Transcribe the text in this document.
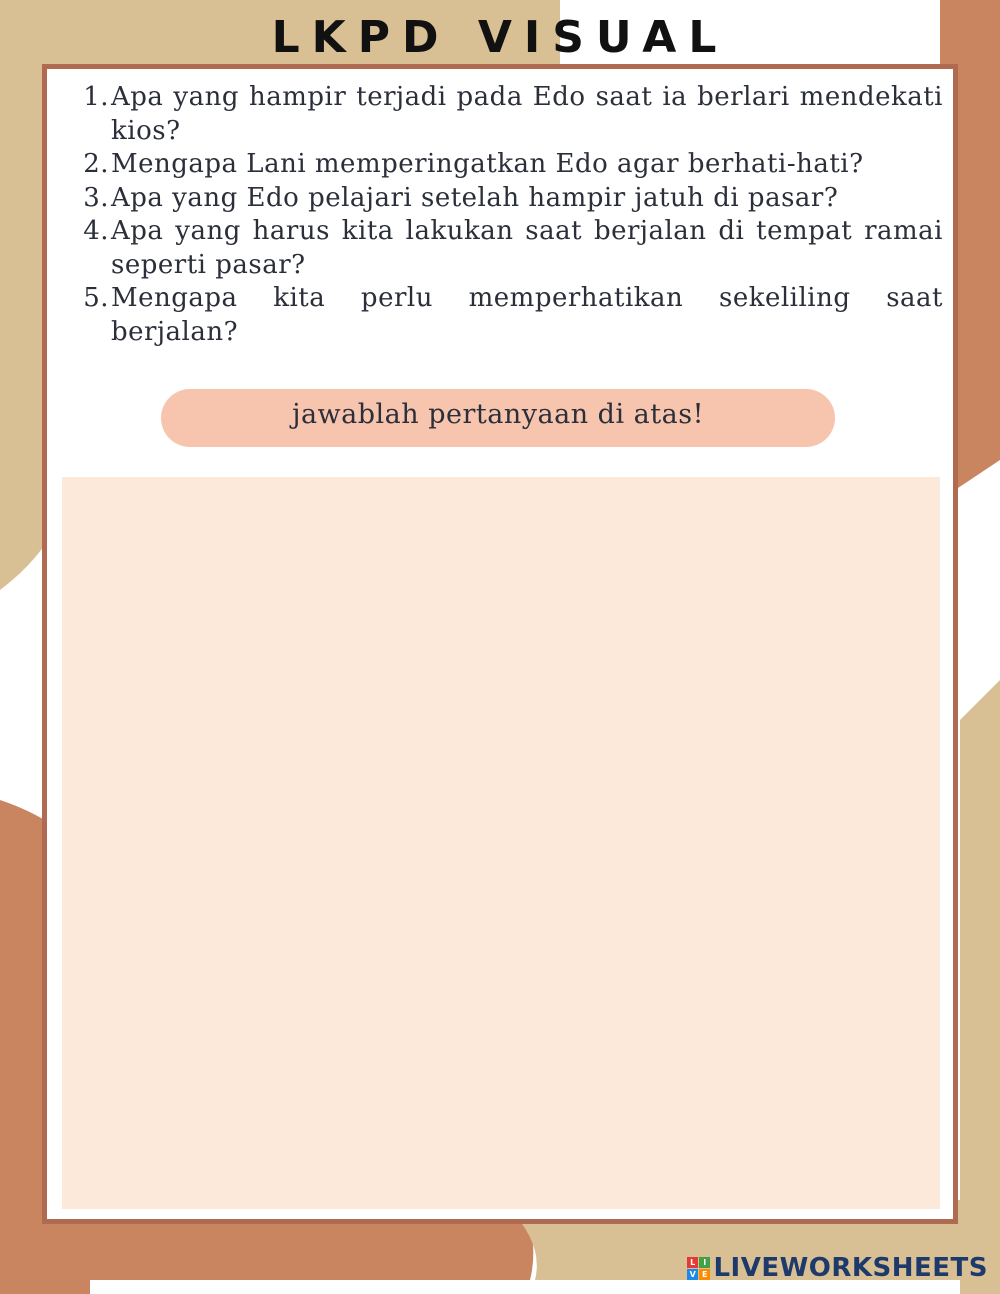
LKPD VISUAL
1. Apa yang hampir terjadi pada Edo saat ia berlari mendekati kios?
2. Mengapa Lani memperingatkan Edo agar berhati-hati?
3. Apa yang Edo pelajari setelah hampir jatuh di pasar?
4. Apa yang harus kita lakukan saat berjalan di tempat ramai seperti pasar?
5. Mengapa kita perlu memperhatikan sekeliling saat berjalan?
jawablah pertanyaan di atas!
L I
V E LIVEWORKSHEETS
